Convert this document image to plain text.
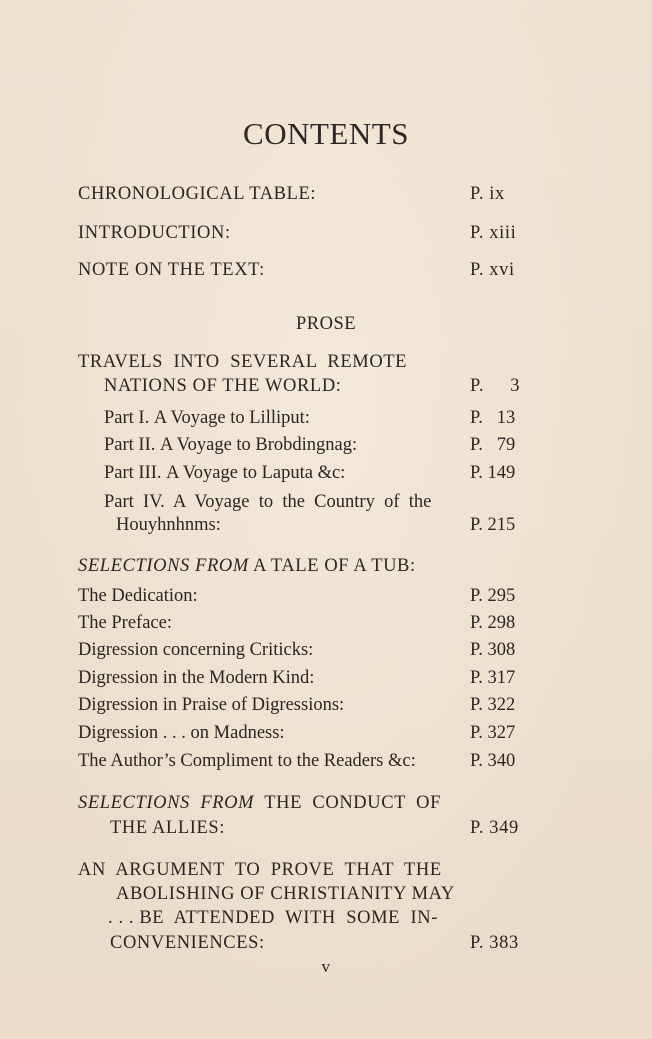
CONTENTS
CHRONOLOGICAL TABLE:	P. ix
INTRODUCTION:	P. xiii
NOTE ON THE TEXT:	P. xvi
PROSE
TRAVELS  INTO  SEVERAL  REMOTE
NATIONS OF THE WORLD:	P.     3
Part I. A Voyage to Lilliput:	P.   13
Part II. A Voyage to Brobdingnag:	P.   79
Part III. A Voyage to Laputa &c:	P. 149
Part  IV.  A  Voyage  to  the  Country  of  the
Houyhnhnms:	P. 215
SELECTIONS FROM A TALE OF A TUB:
The Dedication:	P. 295
The Preface:	P. 298
Digression concerning Criticks:	P. 308
Digression in the Modern Kind:	P. 317
Digression in Praise of Digressions:	P. 322
Digression . . . on Madness:	P. 327
The Author’s Compliment to the Readers &c:	P. 340
SELECTIONS  FROM  THE  CONDUCT  OF
THE ALLIES:	P. 349
AN  ARGUMENT  TO  PROVE  THAT  THE
ABOLISHING OF CHRISTIANITY MAY
. . . BE  ATTENDED  WITH  SOME  IN-
CONVENIENCES:	P. 383
v
